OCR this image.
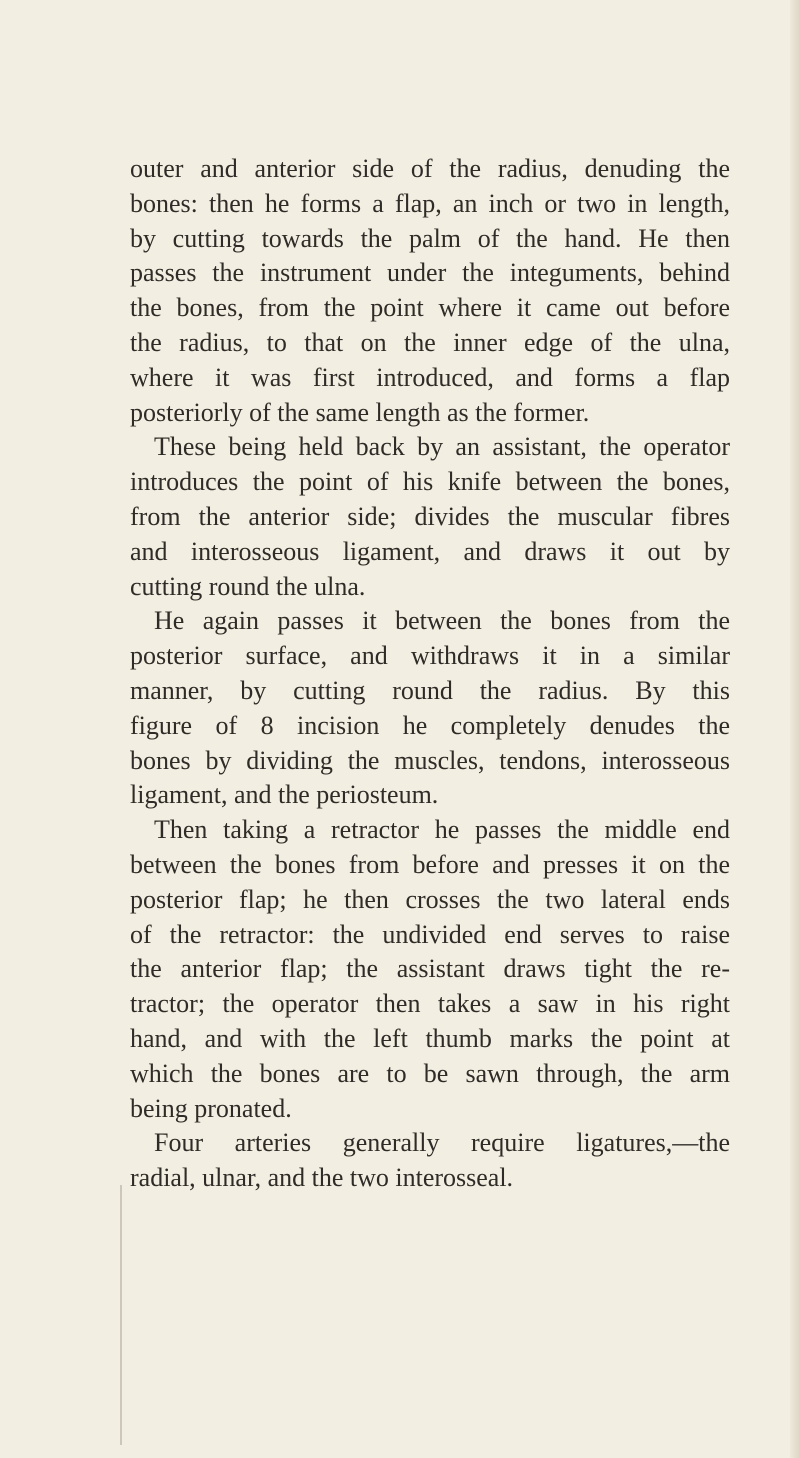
outer and anterior side of the radius, denuding the
bones: then he forms a flap, an inch or two in length,
by cutting towards the palm of the hand. He then
passes the instrument under the integuments, behind
the bones, from the point where it came out before
the radius, to that on the inner edge of the ulna,
where it was first introduced, and forms a flap
posteriorly of the same length as the former.
These being held back by an assistant, the operator
introduces the point of his knife between the bones,
from the anterior side; divides the muscular fibres
and interosseous ligament, and draws it out by
cutting round the ulna.
He again passes it between the bones from the
posterior surface, and withdraws it in a similar
manner, by cutting round the radius. By this
figure of 8 incision he completely denudes the
bones by dividing the muscles, tendons, interosseous
ligament, and the periosteum.
Then taking a retractor he passes the middle end
between the bones from before and presses it on the
posterior flap; he then crosses the two lateral ends
of the retractor: the undivided end serves to raise
the anterior flap; the assistant draws tight the re-
tractor; the operator then takes a saw in his right
hand, and with the left thumb marks the point at
which the bones are to be sawn through, the arm
being pronated.
Four arteries generally require ligatures,—the
radial, ulnar, and the two interosseal.
